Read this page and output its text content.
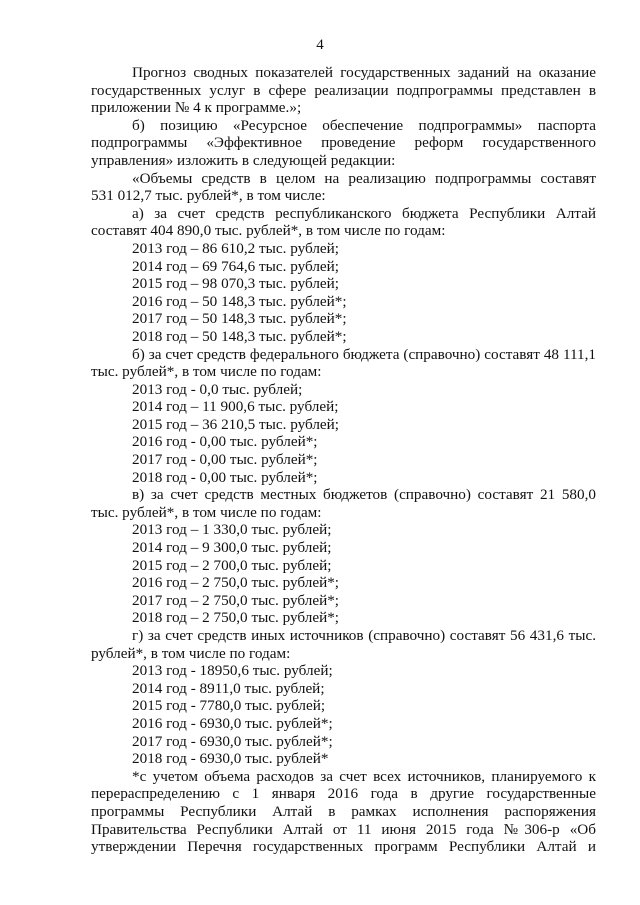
4

Прогноз сводных показателей государственных заданий на оказание

государственных услуг в сфере реализации подпрограммы представлен в

приложении № 4 к программе.»;

б) позицию «Ресурсное обеспечение подпрограммы» паспорта

подпрограммы «Эффективное проведение реформ государственного

управления» изложить в следующей редакции:

«Объемы средств в целом на реализацию подпрограммы составят

531 012,7 тыс. рублей*, в том числе:

а) за счет средств республиканского бюджета Республики Алтай

составят 404 890,0 тыс. рублей*, в том числе по годам:

2013 год – 86 610,2 тыс. рублей;

2014 год – 69 764,6 тыс. рублей;

2015 год – 98 070,3 тыс. рублей;

2016 год – 50 148,3 тыс. рублей*;

2017 год – 50 148,3 тыс. рублей*;

2018 год – 50 148,3 тыс. рублей*;

б) за счет средств федерального бюджета (справочно) составят 48 111,1

тыс. рублей*, в том числе по годам:

2013 год - 0,0 тыс. рублей;

2014 год – 11 900,6 тыс. рублей;

2015 год – 36 210,5 тыс. рублей;

2016 год - 0,00 тыс. рублей*;

2017 год - 0,00 тыс. рублей*;

2018 год - 0,00 тыс. рублей*;

в) за счет средств местных бюджетов (справочно) составят 21 580,0

тыс. рублей*, в том числе по годам:

2013 год – 1 330,0 тыс. рублей;

2014 год – 9 300,0 тыс. рублей;

2015 год – 2 700,0 тыс. рублей;

2016 год – 2 750,0 тыс. рублей*;

2017 год – 2 750,0 тыс. рублей*;

2018 год – 2 750,0 тыс. рублей*;

г) за счет средств иных источников (справочно) составят 56 431,6 тыс.

рублей*, в том числе по годам:

2013 год - 18950,6 тыс. рублей;

2014 год - 8911,0 тыс. рублей;

2015 год - 7780,0 тыс. рублей;

2016 год - 6930,0 тыс. рублей*;

2017 год - 6930,0 тыс. рублей*;

2018 год - 6930,0 тыс. рублей*

*с учетом объема расходов за счет всех источников, планируемого к

перераспределению с 1 января 2016 года в другие государственные

программы Республики Алтай в рамках исполнения распоряжения

Правительства Республики Алтай от 11 июня 2015 года №306-р «Об

утверждении Перечня государственных программ Республики Алтай и
